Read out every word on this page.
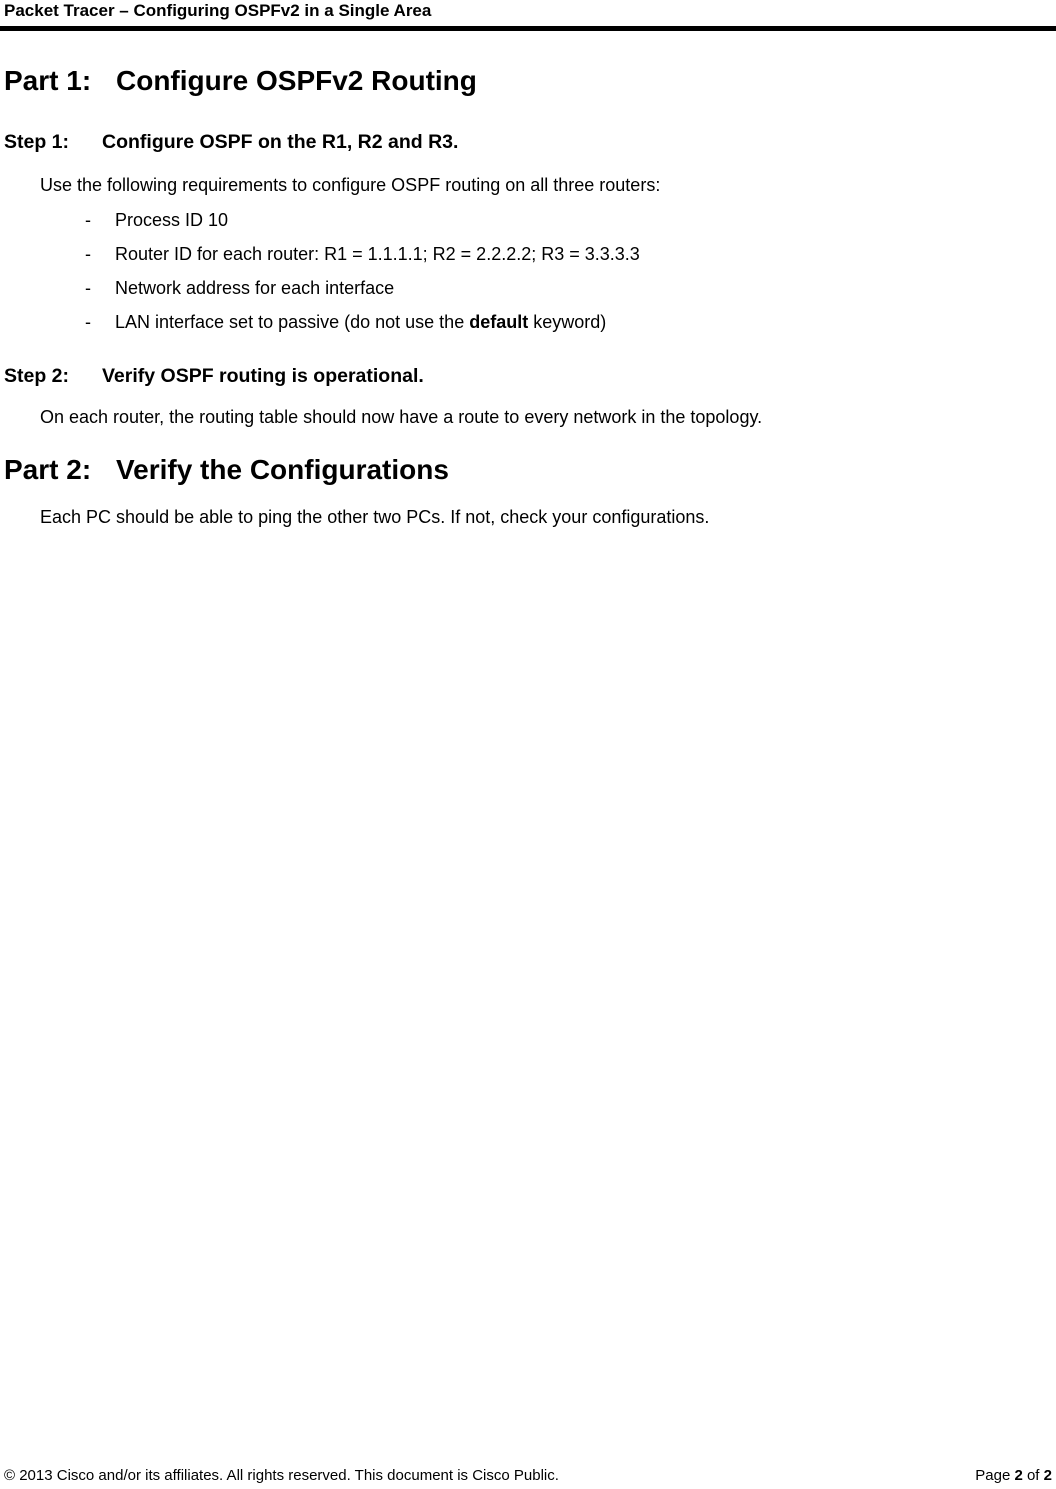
Packet Tracer – Configuring OSPFv2 in a Single Area
Part 1: Configure OSPFv2 Routing
Step 1: Configure OSPF on the R1, R2 and R3.
Use the following requirements to configure OSPF routing on all three routers:
- Process ID 10
- Router ID for each router: R1 = 1.1.1.1; R2 = 2.2.2.2; R3 = 3.3.3.3
- Network address for each interface
- LAN interface set to passive (do not use the default keyword)
Step 2: Verify OSPF routing is operational.
On each router, the routing table should now have a route to every network in the topology.
Part 2: Verify the Configurations
Each PC should be able to ping the other two PCs. If not, check your configurations.
© 2013 Cisco and/or its affiliates. All rights reserved. This document is Cisco Public.	Page 2 of 2
